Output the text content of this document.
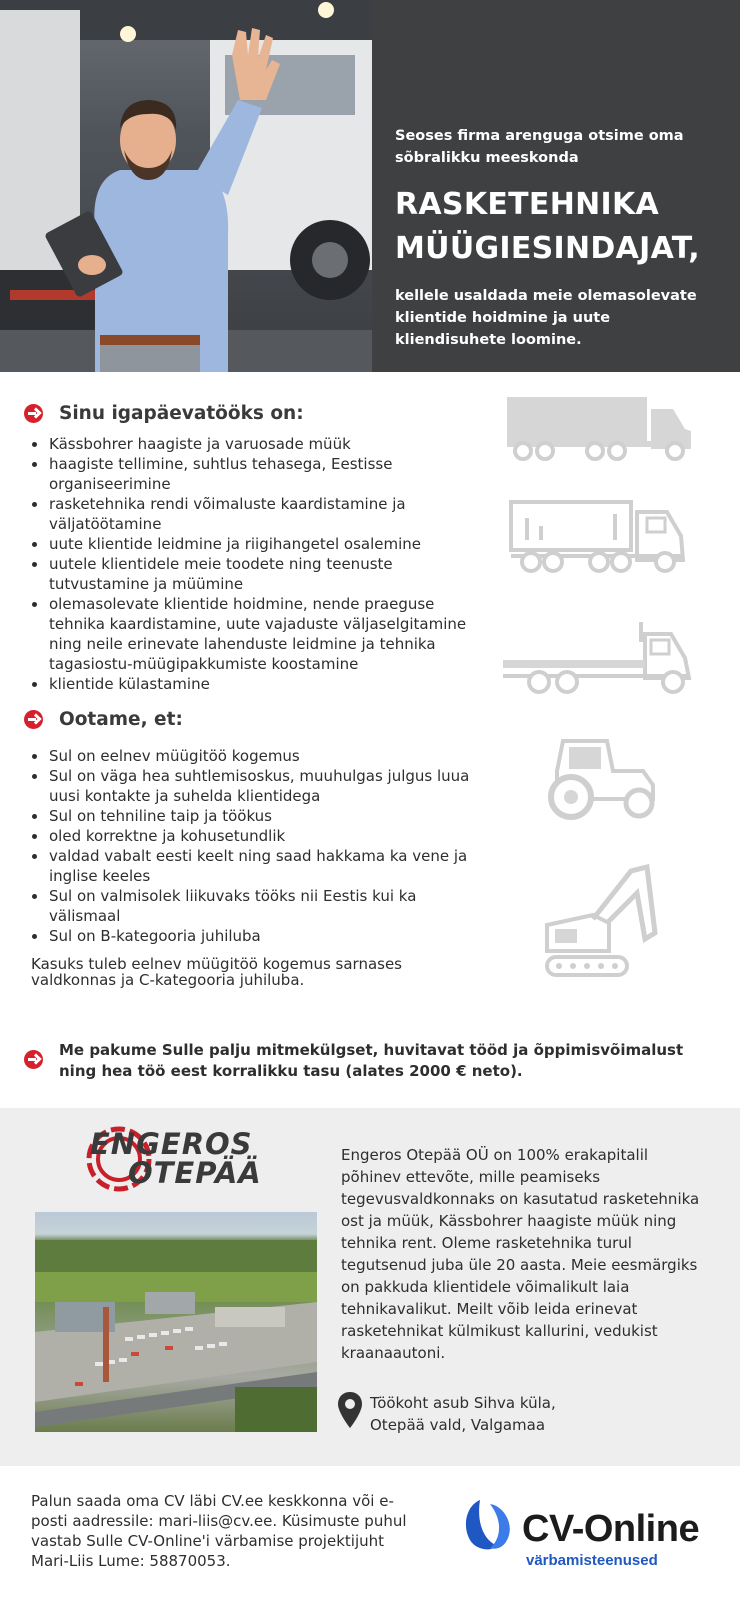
Seoses firma arenguga otsime oma sõbralikku meeskonda
RASKETEHNIKA
MÜÜGIESINDAJAT,
kellele usaldada meie olemasolevate klientide hoidmine ja uute kliendisuhete loomine.
Sinu igapäevatööks on:
Kässbohrer haagiste ja varuosade müük
haagiste tellimine, suhtlus tehasega, Eestisse organiseerimine
rasketehnika rendi võimaluste kaardistamine ja väljatöötamine
uute klientide leidmine ja riigihangetel osalemine
uutele klientidele meie toodete ning teenuste tutvustamine ja müümine
olemasolevate klientide hoidmine, nende praeguse tehnika kaardistamine, uute vajaduste väljaselgitamine ning neile erinevate lahenduste leidmine ja tehnika tagasiostu-müügipakkumiste koostamine
klientide külastamine
Ootame, et:
Sul on eelnev müügitöö kogemus
Sul on väga hea suhtlemisoskus, muuhulgas julgus luua uusi kontakte ja suhelda klientidega
Sul on tehniline taip ja töökus
oled korrektne ja kohusetundlik
valdad vabalt eesti keelt ning saad hakkama ka vene ja inglise keeles
Sul on valmisolek liikuvaks tööks nii Eestis kui ka välismaal
Sul on B-kategooria juhiluba
Kasuks tuleb eelnev müügitöö kogemus sarnases valdkonnas ja C-kategooria juhiluba.
Me pakume Sulle palju mitmekülgset, huvitavat tööd ja õppimisvõimalust ning hea töö eest korralikku tasu (alates 2000 € neto).
ENGEROS
OTEPÄÄ
Engeros Otepää OÜ on 100% erakapitalil põhinev ettevõte, mille peamiseks tegevusvaldkonnaks on kasutatud rasketehnika ost ja müük, Kässbohrer haagiste müük ning tehnika rent. Oleme rasketehnika turul tegutsenud juba üle 20 aasta. Meie eesmärgiks on pakkuda klientidele võimalikult laia tehnikavalikut. Meilt võib leida erinevat rasketehnikat külmikust kallurini, vedukist kraanaautoni.
Töökoht asub Sihva küla,
Otepää vald, Valgamaa
Palun saada oma CV läbi CV.ee keskkonna või e-posti aadressile: mari-liis@cv.ee. Küsimuste puhul vastab Sulle CV-Online'i värbamise projektijuht Mari-Liis Lume: 58870053.
CV-Online
värbamisteenused
